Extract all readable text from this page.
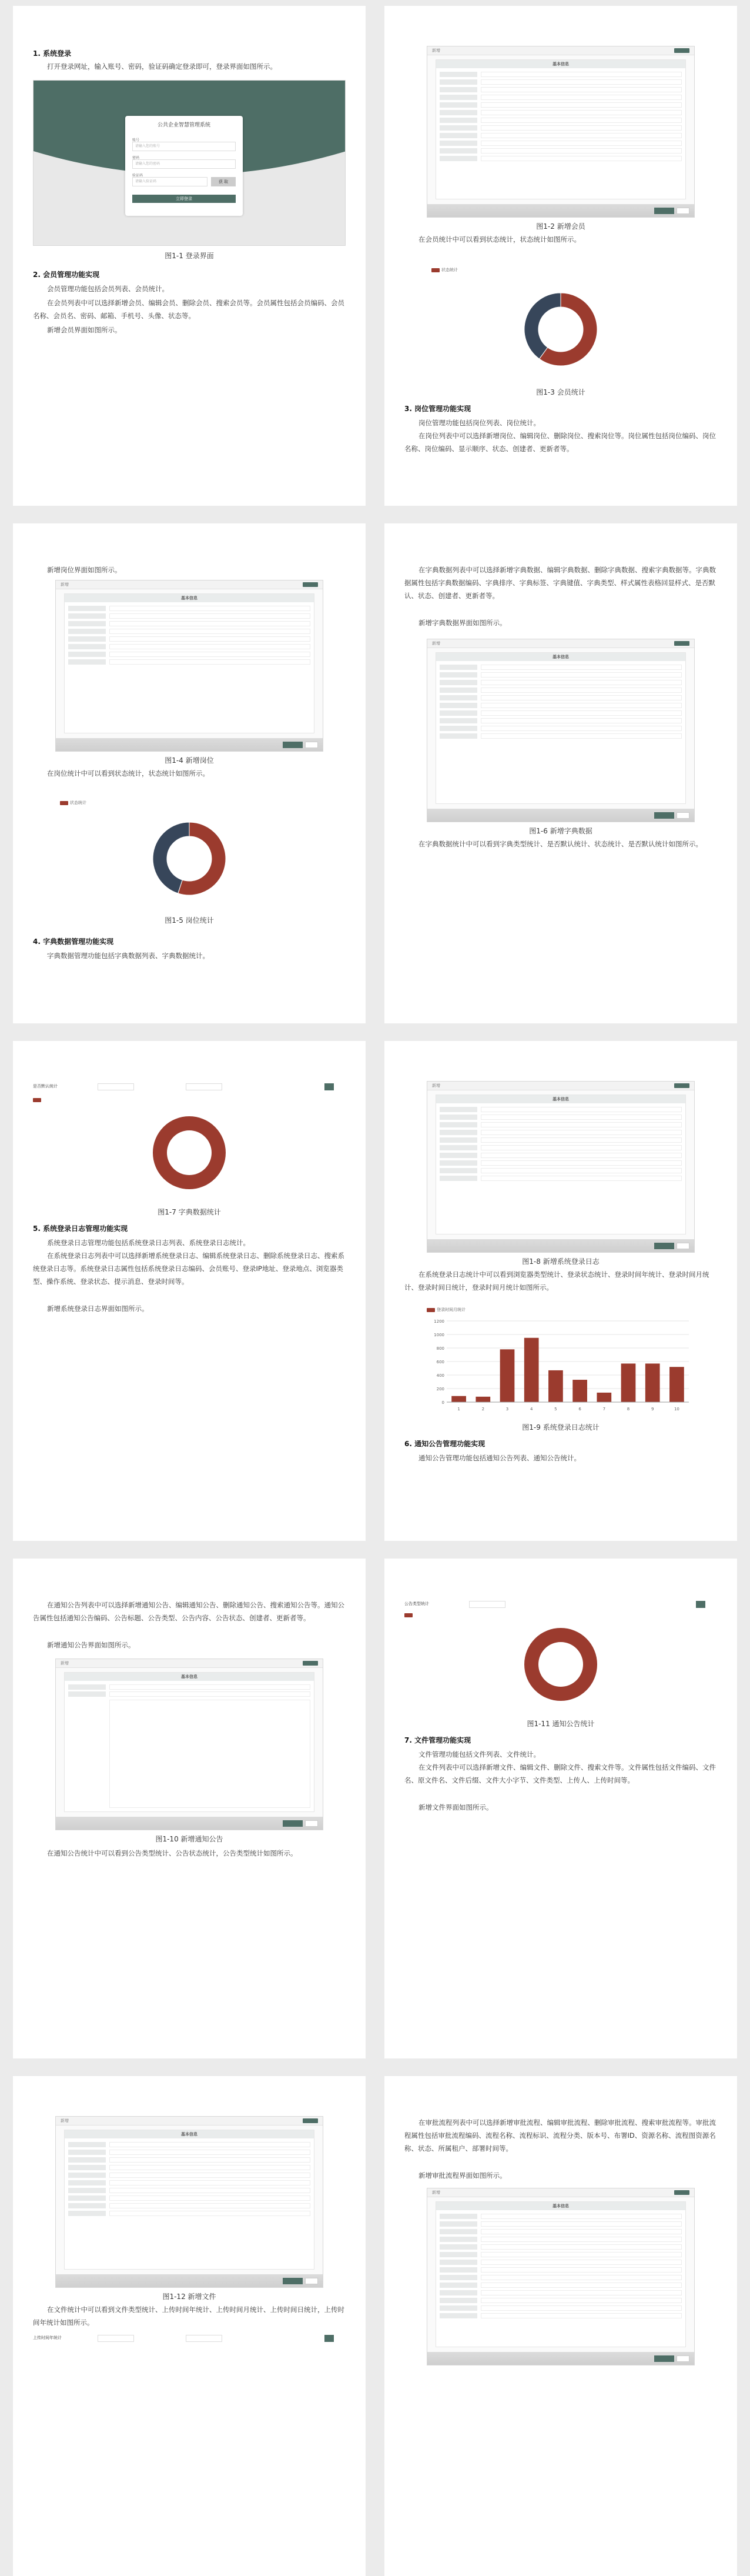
1. 系统登录
打开登录网址，输入账号、密码，验证码确定登录即可，登录界面如图所示。
公共企业智慧管理系统
账号
请输入您的账号
密码
请输入您的密码
验证码
请输入验证码	获 取
立即登录
图1-1 登录界面
2. 会员管理功能实现
会员管理功能包括会员列表、会员统计。
在会员列表中可以选择新增会员、编辑会员、删除会员、搜索会员等。会员属性包括会员编码、会员名称、会员名、密码、邮箱、手机号、头像、状态等。
新增会员界面如图所示。
新增
基本信息
图1-2 新增会员
在会员统计中可以看到状态统计，状态统计如图所示。
状态统计
图1-3 会员统计
3. 岗位管理功能实现
岗位管理功能包括岗位列表、岗位统计。
在岗位列表中可以选择新增岗位、编辑岗位、删除岗位、搜索岗位等。岗位属性包括岗位编码、岗位名称、岗位编码、显示顺序、状态、创建者、更新者等。
新增岗位界面如图所示。
新增
基本信息
图1-4 新增岗位
在岗位统计中可以看到状态统计，状态统计如图所示。
状态统计
图1-5 岗位统计
4. 字典数据管理功能实现
字典数据管理功能包括字典数据列表、字典数据统计。
在字典数据列表中可以选择新增字典数据、编辑字典数据、删除字典数据、搜索字典数据等。字典数据属性包括字典数据编码、字典排序、字典标签、字典键值、字典类型、样式属性表格回显样式、是否默认、状态、创建者、更新者等。
新增字典数据界面如图所示。
新增
基本信息
图1-6 新增字典数据
在字典数据统计中可以看到字典类型统计、是否默认统计、状态统计、是否默认统计如图所示。
是否默认统计
图1-7 字典数据统计
5. 系统登录日志管理功能实现
系统登录日志管理功能包括系统登录日志列表、系统登录日志统计。
在系统登录日志列表中可以选择新增系统登录日志、编辑系统登录日志、删除系统登录日志、搜索系统登录日志等。系统登录日志属性包括系统登录日志编码、会员账号、登录IP地址、登录地点、浏览器类型、操作系统、登录状态、提示消息、登录时间等。
新增系统登录日志界面如图所示。
新增
基本信息
图1-8 新增系统登录日志
在系统登录日志统计中可以看到浏览器类型统计、登录状态统计、登录时间年统计、登录时间月统计、登录时间日统计，登录时间月统计如图所示。
登录时间月统计
0
200
400
600
800
1000
1200
1	2	3	4	5	6	7	8	9	10
图1-9 系统登录日志统计
6. 通知公告管理功能实现
通知公告管理功能包括通知公告列表、通知公告统计。
在通知公告列表中可以选择新增通知公告、编辑通知公告、删除通知公告、搜索通知公告等。通知公告属性包括通知公告编码、公告标题、公告类型、公告内容、公告状态、创建者、更新者等。
新增通知公告界面如图所示。
新增
基本信息
图1-10 新增通知公告
在通知公告统计中可以看到公告类型统计、公告状态统计，公告类型统计如图所示。
公告类型统计
图1-11 通知公告统计
7. 文件管理功能实现
文件管理功能包括文件列表、文件统计。
在文件列表中可以选择新增文件、编辑文件、删除文件、搜索文件等。文件属性包括文件编码、文件名、原文件名、文件后缀、文件大小字节、文件类型、上传人、上传时间等。
新增文件界面如图所示。
新增
基本信息
图1-12 新增文件
在文件统计中可以看到文件类型统计、上传时间年统计、上传时间月统计、上传时间日统计，上传时间年统计如图所示。
上传时间年统计
在审批流程列表中可以选择新增审批流程、编辑审批流程、删除审批流程、搜索审批流程等。审批流程属性包括审批流程编码、流程名称、流程标识、流程分类、版本号、布署ID、资源名称、流程图资源名称、状态、所属租户、部署时间等。
新增审批流程界面如图所示。
新增
基本信息
